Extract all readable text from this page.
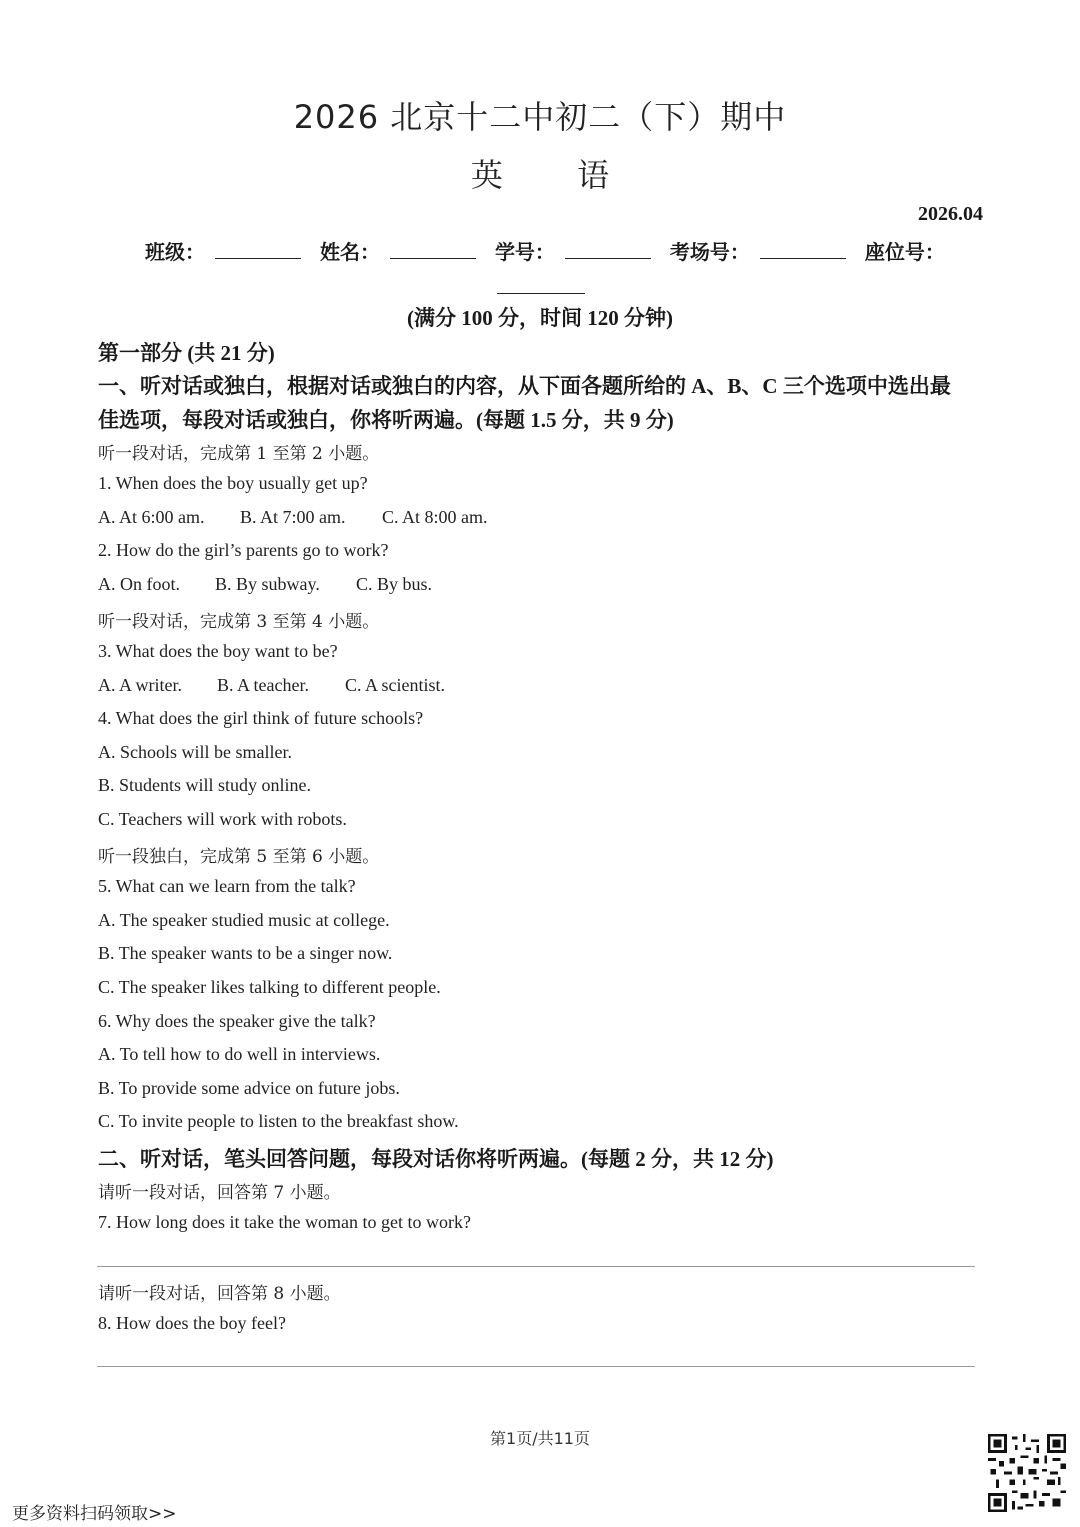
2026 北京十二中初二（下）期中
英 语
2026.04
班级：	姓名：	学号：	考场号：	座位号：
(满分 100 分，时间 120 分钟)
第一部分 (共 21 分)
一、听对话或独白，根据对话或独白的内容，从下面各题所给的 A、B、C 三个选项中选出最
佳选项，每段对话或独白，你将听两遍。(每题 1.5 分，共 9 分)
听一段对话，完成第 1 至第 2 小题。
1. When does the boy usually get up?
A. At 6:00 am. B. At 7:00 am. C. At 8:00 am.
2. How do the girl’s parents go to work?
A. On foot. B. By subway. C. By bus.
听一段对话，完成第 3 至第 4 小题。
3. What does the boy want to be?
A. A writer. B. A teacher. C. A scientist.
4. What does the girl think of future schools?
A. Schools will be smaller.
B. Students will study online.
C. Teachers will work with robots.
听一段独白，完成第 5 至第 6 小题。
5. What can we learn from the talk?
A. The speaker studied music at college.
B. The speaker wants to be a singer now.
C. The speaker likes talking to different people.
6. Why does the speaker give the talk?
A. To tell how to do well in interviews.
B. To provide some advice on future jobs.
C. To invite people to listen to the breakfast show.
二、听对话，笔头回答问题，每段对话你将听两遍。(每题 2 分，共 12 分)
请听一段对话，回答第 7 小题。
7. How long does it take the woman to get to work?
请听一段对话，回答第 8 小题。
8. How does the boy feel?
第1页/共11页
更多资料扫码领取>>
